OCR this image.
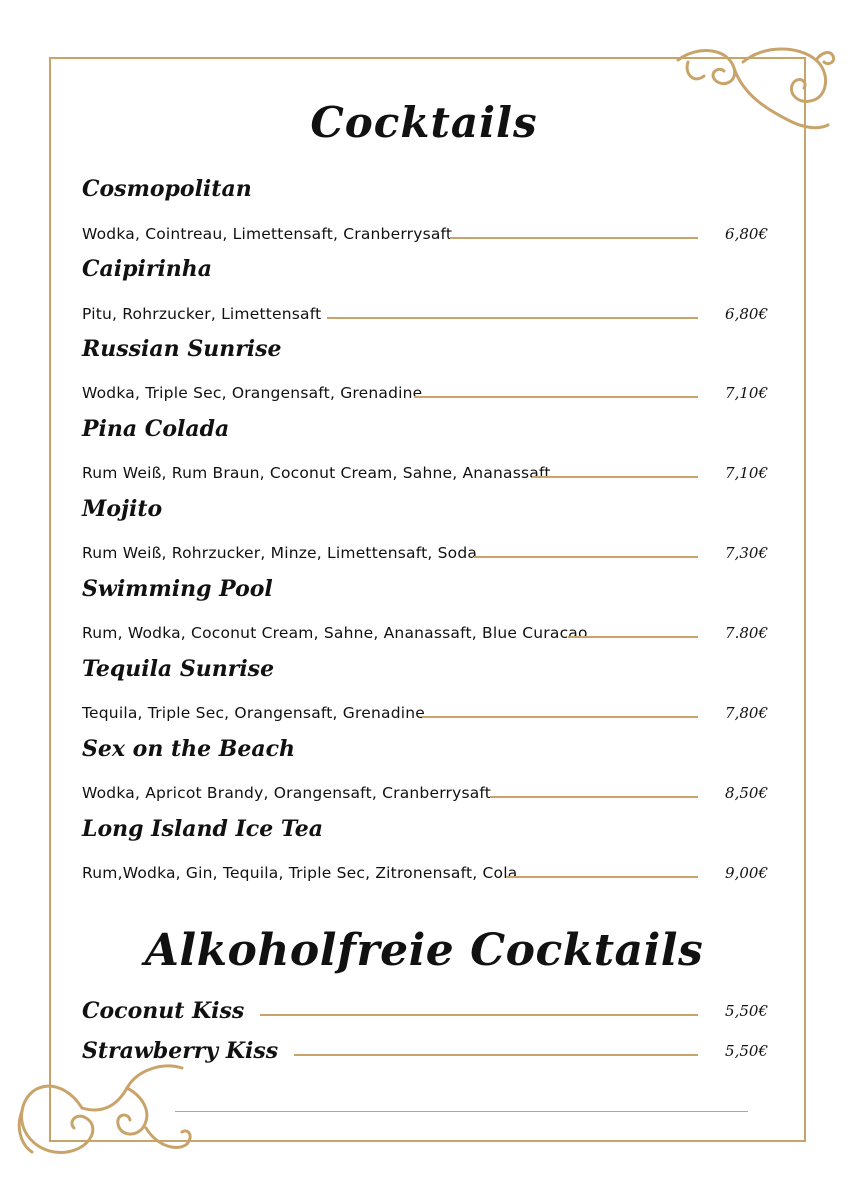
Cocktails
Cosmopolitan
Wodka, Cointreau, Limettensaft, Cranberrysaft	6,80€
Caipirinha
Pitu, Rohrzucker, Limettensaft	6,80€
Russian Sunrise
Wodka, Triple Sec, Orangensaft, Grenadine	7,10€
Pina Colada
Rum Weiß, Rum Braun, Coconut Cream, Sahne, Ananassaft	7,10€
Mojito
Rum Weiß, Rohrzucker, Minze, Limettensaft, Soda	7,30€
Swimming Pool
Rum, Wodka, Coconut Cream, Sahne, Ananassaft, Blue Curacao	7.80€
Tequila Sunrise
Tequila, Triple Sec, Orangensaft, Grenadine	7,80€
Sex on the Beach
Wodka, Apricot Brandy, Orangensaft, Cranberrysaft	8,50€
Long Island Ice Tea
Rum,Wodka, Gin, Tequila, Triple Sec, Zitronensaft, Cola	9,00€
Alkoholfreie Cocktails
Coconut Kiss	5,50€
Strawberry Kiss	5,50€
